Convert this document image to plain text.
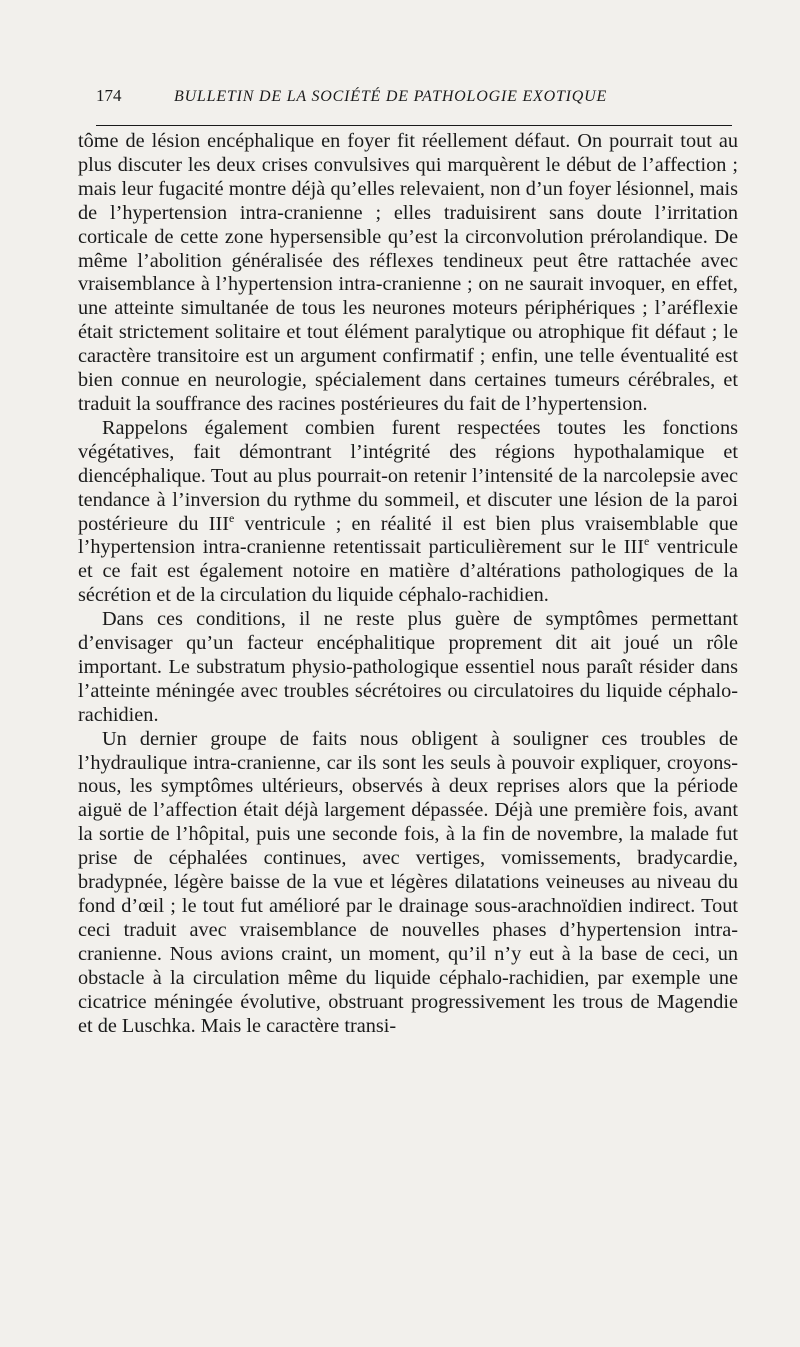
174	BULLETIN DE LA SOCIÉTÉ DE PATHOLOGIE EXOTIQUE

tôme de lésion encéphalique en foyer fit réellement défaut. On pourrait tout au plus discuter les deux crises convulsives qui marquèrent le début de l’affection ; mais leur fugacité montre déjà qu’elles relevaient, non d’un foyer lésionnel, mais de l’hypertension intra-cranienne ; elles traduisirent sans doute l’irritation corticale de cette zone hypersensible qu’est la circonvolution prérolandique. De même l’abolition généralisée des réflexes tendineux peut être rattachée avec vraisemblance à l’hypertension intra-cranienne ; on ne saurait invoquer, en effet, une atteinte simultanée de tous les neurones moteurs périphériques ; l’aréflexie était strictement solitaire et tout élément paralytique ou atrophique fit défaut ; le caractère transitoire est un argument confirmatif ; enfin, une telle éventualité est bien connue en neurologie, spécialement dans certaines tumeurs cérébrales, et traduit la souffrance des racines postérieures du fait de l’hypertension.

Rappelons également combien furent respectées toutes les fonctions végétatives, fait démontrant l’intégrité des régions hypothalamique et diencéphalique. Tout au plus pourrait-on retenir l’intensité de la narcolepsie avec tendance à l’inversion du rythme du sommeil, et discuter une lésion de la paroi postérieure du IIIe ventricule ; en réalité il est bien plus vraisemblable que l’hypertension intra-cranienne retentissait particulièrement sur le IIIe ventricule et ce fait est également notoire en matière d’altérations pathologiques de la sécrétion et de la circulation du liquide céphalo-rachidien.

Dans ces conditions, il ne reste plus guère de symptômes permettant d’envisager qu’un facteur encéphalitique proprement dit ait joué un rôle important. Le substratum physio-pathologique essentiel nous paraît résider dans l’atteinte méningée avec troubles sécrétoires ou circulatoires du liquide céphalo-rachidien.

Un dernier groupe de faits nous obligent à souligner ces troubles de l’hydraulique intra-cranienne, car ils sont les seuls à pouvoir expliquer, croyons-nous, les symptômes ultérieurs, observés à deux reprises alors que la période aiguë de l’affection était déjà largement dépassée. Déjà une première fois, avant la sortie de l’hôpital, puis une seconde fois, à la fin de novembre, la malade fut prise de céphalées continues, avec vertiges, vomissements, bradycardie, bradypnée, légère baisse de la vue et légères dilatations veineuses au niveau du fond d’œil ; le tout fut amélioré par le drainage sous-arachnoïdien indirect. Tout ceci traduit avec vraisemblance de nouvelles phases d’hypertension intra-cranienne. Nous avions craint, un moment, qu’il n’y eut à la base de ceci, un obstacle à la circulation même du liquide céphalo-rachidien, par exemple une cicatrice méningée évolutive, obstruant progressivement les trous de Magendie et de Luschka. Mais le caractère transi-
